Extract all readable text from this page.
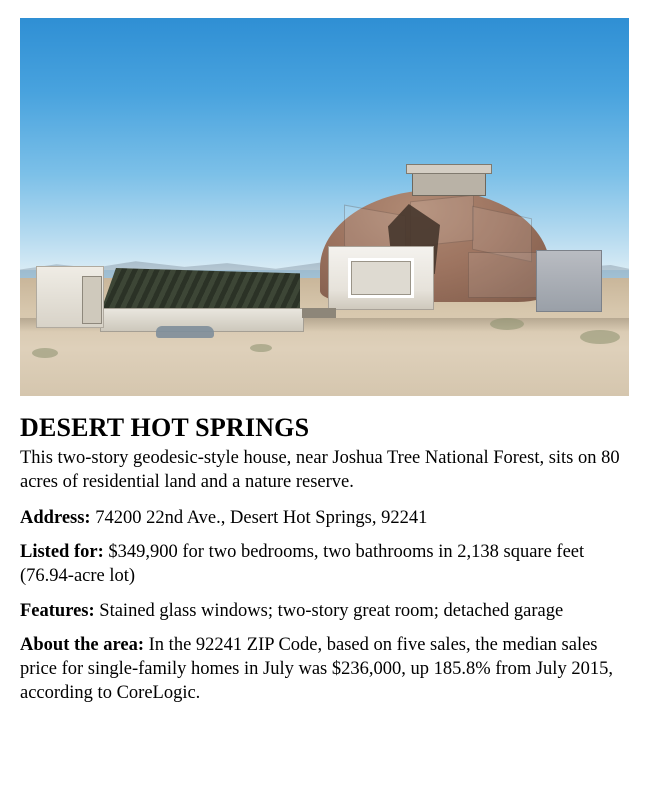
DESERT HOT SPRINGS

This two-story geodesic-style house, near Joshua Tree National Forest, sits on 80 acres of residential land and a nature reserve.

Address: 74200 22nd Ave., Desert Hot Springs, 92241

Listed for: $349,900 for two bedrooms, two bathrooms in 2,138 square feet (76.94-acre lot)

Features: Stained glass windows; two-story great room; detached garage

About the area: In the 92241 ZIP Code, based on five sales, the median sales price for single-family homes in July was $236,000, up 185.8% from July 2015, according to CoreLogic.
